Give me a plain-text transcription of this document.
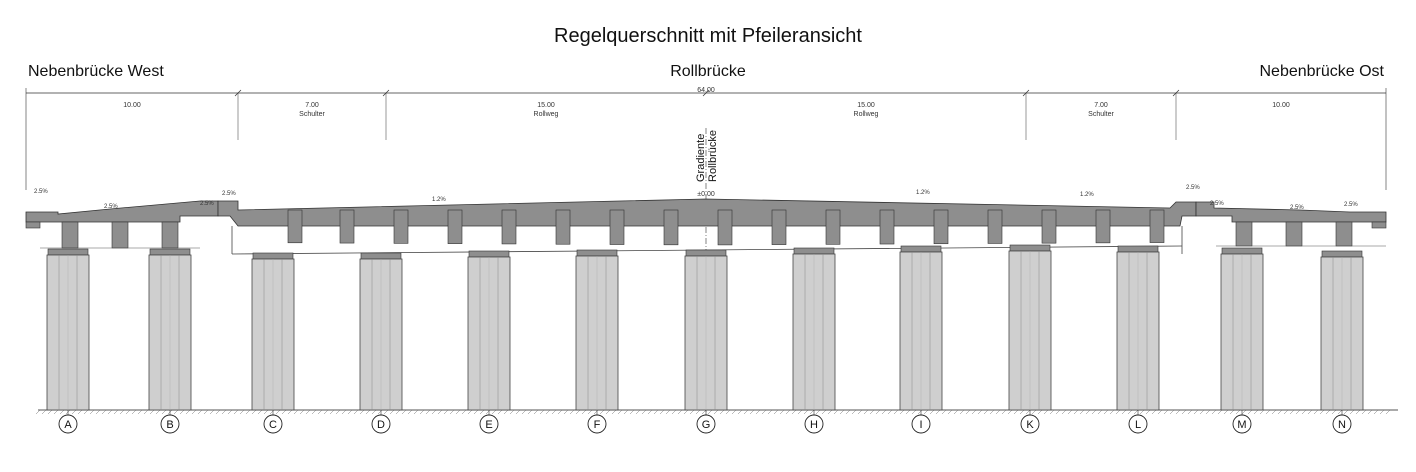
Regelquerschnitt mit Pfeileransicht
Nebenbrücke West	Rollbrücke	Nebenbrücke Ost
64.00
10.00	7.00
Schulter
15.00
Rollweg
15.00
Rollweg
7.00
Schulter
10.00
Gradiente Rollbrücke
±0.00
2.5%
2.5%	2.5%
2.5%
1.2%
1.2%	1.2%
2.5%
2.5%
2.5%	2.5%
A	B	C	D	E	F	G	H	I	K	L	M	N
